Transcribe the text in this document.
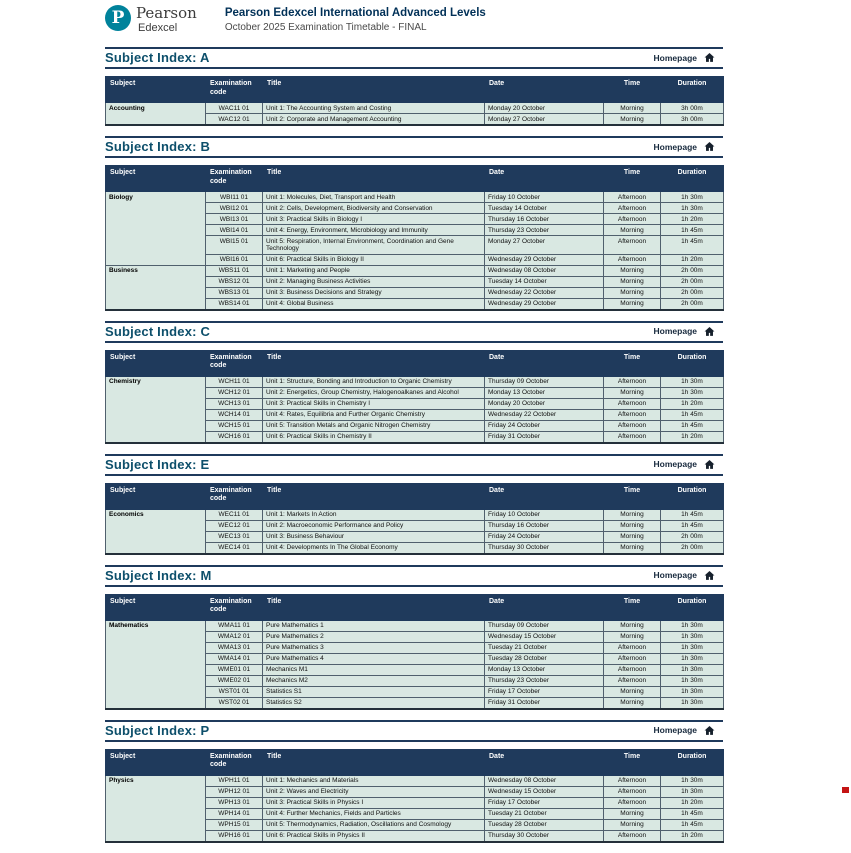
P Pearson
Edexcel
Pearson Edexcel International Advanced Levels
October 2025 Examination Timetable - FINAL
Subject Index: A	Homepage
Subject	Examination code	Title	Date	Time	Duration
Accounting	WAC11 01	Unit 1: The Accounting System and Costing	Monday 20 October	Morning	3h 00m
	WAC12 01	Unit 2: Corporate and Management Accounting	Monday 27 October	Morning	3h 00m
Subject Index: B	Homepage
Subject	Examination code	Title	Date	Time	Duration
Biology	WBI11 01	Unit 1: Molecules, Diet, Transport and Health	Friday 10 October	Afternoon	1h 30m
	WBI12 01	Unit 2: Cells, Development, Biodiversity and Conservation	Tuesday 14 October	Afternoon	1h 30m
	WBI13 01	Unit 3: Practical Skills in Biology I	Thursday 16 October	Afternoon	1h 20m
	WBI14 01	Unit 4: Energy, Environment, Microbiology and Immunity	Thursday 23 October	Morning	1h 45m
	WBI15 01	Unit 5: Respiration, Internal Environment, Coordination and Gene Technology	Monday 27 October	Afternoon	1h 45m
	WBI16 01	Unit 6: Practical Skills in Biology II	Wednesday 29 October	Afternoon	1h 20m
Business	WBS11 01	Unit 1: Marketing and People	Wednesday 08 October	Morning	2h 00m
	WBS12 01	Unit 2: Managing Business Activities	Tuesday 14 October	Morning	2h 00m
	WBS13 01	Unit 3: Business Decisions and Strategy	Wednesday 22 October	Morning	2h 00m
	WBS14 01	Unit 4: Global Business	Wednesday 29 October	Morning	2h 00m
Subject Index: C	Homepage
Subject	Examination code	Title	Date	Time	Duration
Chemistry	WCH11 01	Unit 1: Structure, Bonding and Introduction to Organic Chemistry	Thursday 09 October	Afternoon	1h 30m
	WCH12 01	Unit 2: Energetics, Group Chemistry, Halogenoalkanes and Alcohol	Monday 13 October	Morning	1h 30m
	WCH13 01	Unit 3: Practical Skills in Chemistry I	Monday 20 October	Afternoon	1h 20m
	WCH14 01	Unit 4: Rates, Equilibria and Further Organic Chemistry	Wednesday 22 October	Afternoon	1h 45m
	WCH15 01	Unit 5: Transition Metals and Organic Nitrogen Chemistry	Friday 24 October	Afternoon	1h 45m
	WCH16 01	Unit 6: Practical Skills in Chemistry II	Friday 31 October	Afternoon	1h 20m
Subject Index: E	Homepage
Subject	Examination code	Title	Date	Time	Duration
Economics	WEC11 01	Unit 1: Markets In Action	Friday 10 October	Morning	1h 45m
	WEC12 01	Unit 2: Macroeconomic Performance and Policy	Thursday 16 October	Morning	1h 45m
	WEC13 01	Unit 3: Business Behaviour	Friday 24 October	Morning	2h 00m
	WEC14 01	Unit 4: Developments In The Global Economy	Thursday 30 October	Morning	2h 00m
Subject Index: M	Homepage
Subject	Examination code	Title	Date	Time	Duration
Mathematics	WMA11 01	Pure Mathematics 1	Thursday 09 October	Morning	1h 30m
	WMA12 01	Pure Mathematics 2	Wednesday 15 October	Morning	1h 30m
	WMA13 01	Pure Mathematics 3	Tuesday 21 October	Afternoon	1h 30m
	WMA14 01	Pure Mathematics 4	Tuesday 28 October	Afternoon	1h 30m
	WME01 01	Mechanics M1	Monday 13 October	Afternoon	1h 30m
	WME02 01	Mechanics M2	Thursday 23 October	Afternoon	1h 30m
	WST01 01	Statistics S1	Friday 17 October	Morning	1h 30m
	WST02 01	Statistics S2	Friday 31 October	Morning	1h 30m
Subject Index: P	Homepage
Subject	Examination code	Title	Date	Time	Duration
Physics	WPH11 01	Unit 1: Mechanics and Materials	Wednesday 08 October	Afternoon	1h 30m
	WPH12 01	Unit 2: Waves and Electricity	Wednesday 15 October	Afternoon	1h 30m
	WPH13 01	Unit 3: Practical Skills in Physics I	Friday 17 October	Afternoon	1h 20m
	WPH14 01	Unit 4: Further Mechanics, Fields and Particles	Tuesday 21 October	Morning	1h 45m
	WPH15 01	Unit 5: Thermodynamics, Radiation, Oscillations and Cosmology	Tuesday 28 October	Morning	1h 45m
	WPH16 01	Unit 6: Practical Skills in Physics II	Thursday 30 October	Afternoon	1h 20m
